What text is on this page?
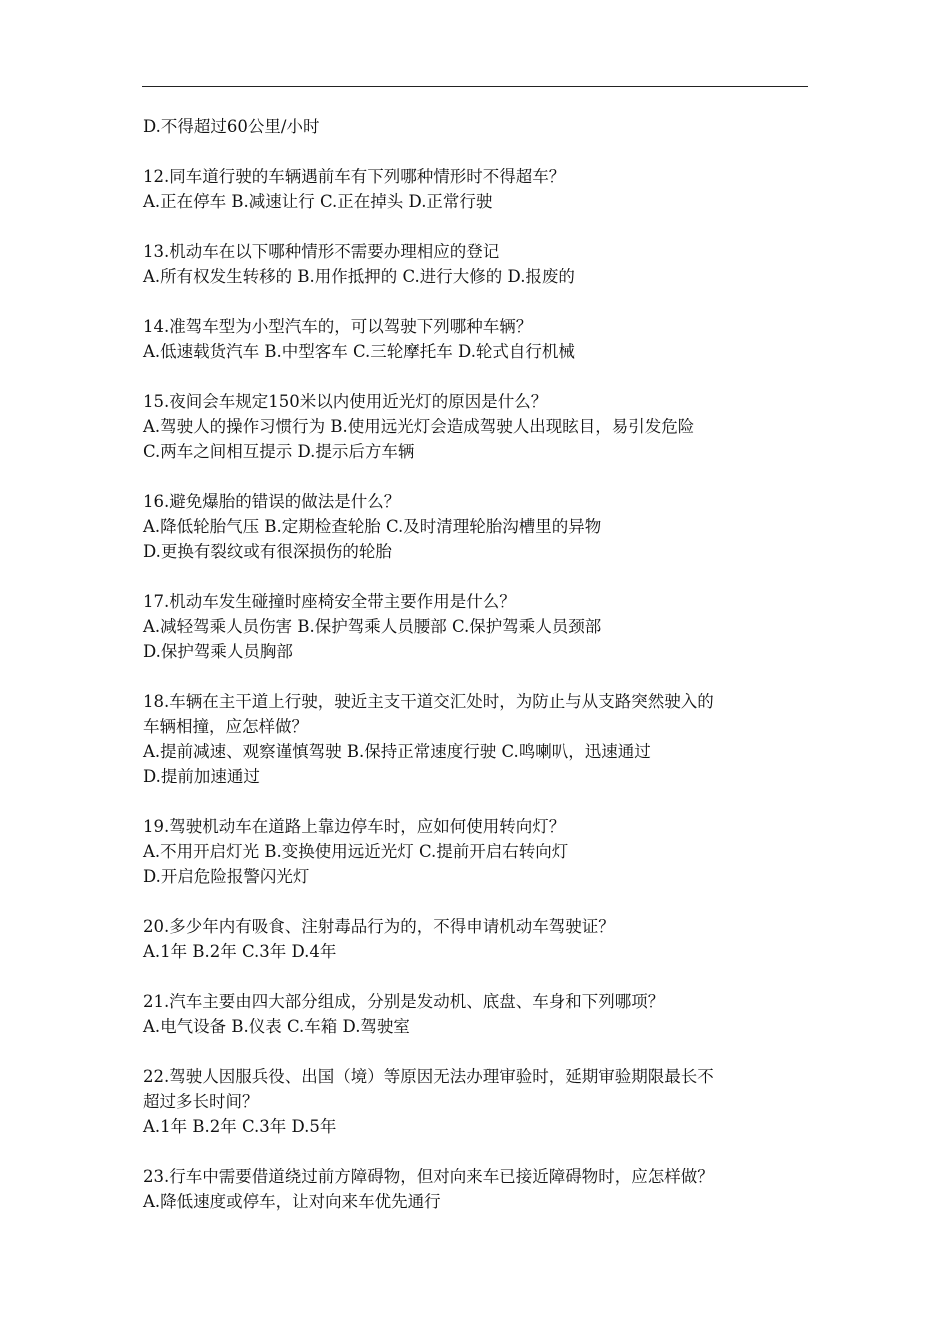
D.不得超过60公里/小时
12.同车道行驶的车辆遇前车有下列哪种情形时不得超车？
A.正在停车 B.减速让行 C.正在掉头 D.正常行驶
13.机动车在以下哪种情形不需要办理相应的登记
A.所有权发生转移的 B.用作抵押的 C.进行大修的 D.报废的
14.准驾车型为小型汽车的，可以驾驶下列哪种车辆？
A.低速载货汽车 B.中型客车 C.三轮摩托车 D.轮式自行机械
15.夜间会车规定150米以内使用近光灯的原因是什么？
A.驾驶人的操作习惯行为 B.使用远光灯会造成驾驶人出现眩目，易引发危险
C.两车之间相互提示 D.提示后方车辆
16.避免爆胎的错误的做法是什么？
A.降低轮胎气压 B.定期检查轮胎 C.及时清理轮胎沟槽里的异物
D.更换有裂纹或有很深损伤的轮胎
17.机动车发生碰撞时座椅安全带主要作用是什么？
A.减轻驾乘人员伤害 B.保护驾乘人员腰部 C.保护驾乘人员颈部
D.保护驾乘人员胸部
18.车辆在主干道上行驶，驶近主支干道交汇处时，为防止与从支路突然驶入的
车辆相撞，应怎样做？
A.提前减速、观察谨慎驾驶 B.保持正常速度行驶 C.鸣喇叭，迅速通过
D.提前加速通过
19.驾驶机动车在道路上靠边停车时，应如何使用转向灯？
A.不用开启灯光 B.变换使用远近光灯 C.提前开启右转向灯
D.开启危险报警闪光灯
20.多少年内有吸食、注射毒品行为的，不得申请机动车驾驶证？
A.1年 B.2年 C.3年 D.4年
21.汽车主要由四大部分组成，分别是发动机、底盘、车身和下列哪项？
A.电气设备 B.仪表 C.车箱 D.驾驶室
22.驾驶人因服兵役、出国（境）等原因无法办理审验时，延期审验期限最长不
超过多长时间？
A.1年 B.2年 C.3年 D.5年
23.行车中需要借道绕过前方障碍物，但对向来车已接近障碍物时，应怎样做？
A.降低速度或停车，让对向来车优先通行
